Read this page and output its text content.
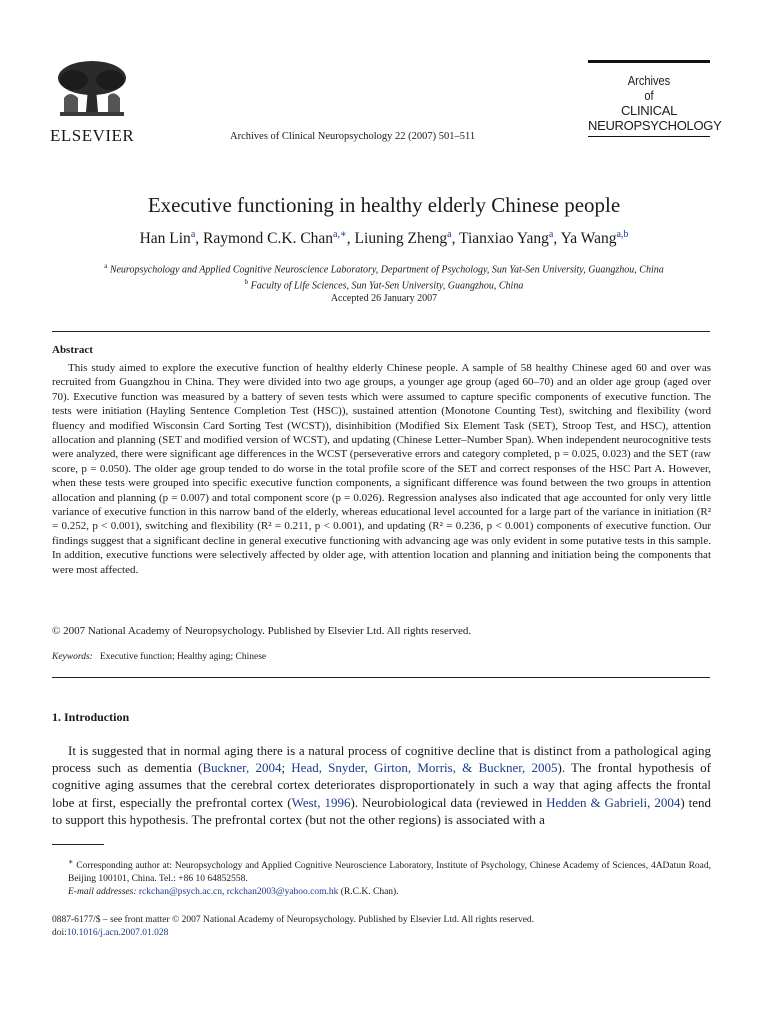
ELSEVIER	Archives of Clinical Neuropsychology 22 (2007) 501–511
Archives
of
CLINICAL
NEUROPSYCHOLOGY
Executive functioning in healthy elderly Chinese people
Han Lin$^a$, Raymond C.K. Chan$^{a,∗}$, Liuning Zheng$^a$, Tianxiao Yang$^a$, Ya Wang$^{a,b}$
$^a$ Neuropsychology and Applied Cognitive Neuroscience Laboratory, Department of Psychology, Sun Yat-Sen University, Guangzhou, China
$^b$ Faculty of Life Sciences, Sun Yat-Sen University, Guangzhou, China
Accepted 26 January 2007
Abstract

This study aimed to explore the executive function of healthy elderly Chinese people. A sample of 58 healthy Chinese aged 60 and over was recruited from Guangzhou in China. They were divided into two age groups, a younger age group (aged 60–70) and an older age group (aged over 70). Executive function was measured by a battery of seven tests which were assumed to capture specific components of executive function. The tests were initiation (Hayling Sentence Completion Test (HSC)), sustained attention (Monotone Counting Test), switching and flexibility (word fluency and modified Wisconsin Card Sorting Test (WCST)), disinhibition (Modified Six Element Task (SET), Stroop Test, and HSC), attention allocation and planning (SET and modified version of WCST), and updating (Chinese Letter–Number Span). When independent neurocognitive tests were analyzed, there were significant age differences in the WCST (perseverative errors and category completed, p = 0.025, 0.023) and the SET (raw score, p = 0.050). The older age group tended to do worse in the total profile score of the SET and correct responses of the HSC Part A. However, when these tests were grouped into specific executive function components, a significant difference was found between the two groups in attention allocation and planning (p = 0.007) and total component score (p = 0.026). Regression analyses also indicated that age accounted for only very little variance of executive function in this narrow band of the elderly, whereas educational level accounted for a large part of the variance in initiation (R² = 0.252, p < 0.001), switching and flexibility (R² = 0.211, p < 0.001), and updating (R² = 0.236, p < 0.001) components of executive function. Our findings suggest that a significant decline in general executive functioning with advancing age was only evident in some putative tests in this sample. In addition, executive functions were selectively affected by older age, with attention location and planning and initiation being the components that were most affected.

© 2007 National Academy of Neuropsychology. Published by Elsevier Ltd. All rights reserved.
Keywords: Executive function; Healthy aging; Chinese
1. Introduction

It is suggested that in normal aging there is a natural process of cognitive decline that is distinct from a pathological aging process such as dementia (Buckner, 2004; Head, Snyder, Girton, Morris, & Buckner, 2005). The frontal hypothesis of cognitive aging assumes that the cerebral cortex deteriorates disproportionately in such a way that aging affects the frontal lobe at first, especially the prefrontal cortex (West, 1996). Neurobiological data (reviewed in Hedden & Gabrieli, 2004) tend to support this hypothesis. The prefrontal cortex (but not the other regions) is associated with a

∗ Corresponding author at: Neuropsychology and Applied Cognitive Neuroscience Laboratory, Institute of Psychology, Chinese Academy of Sciences, 4ADatun Road, Beijing 100101, China. Tel.: +86 10 64852558.
E-mail addresses: rckchan@psych.ac.cn, rckchan2003@yahoo.com.hk (R.C.K. Chan).
0887-6177/$ – see front matter © 2007 National Academy of Neuropsychology. Published by Elsevier Ltd. All rights reserved.
doi:10.1016/j.acn.2007.01.028
